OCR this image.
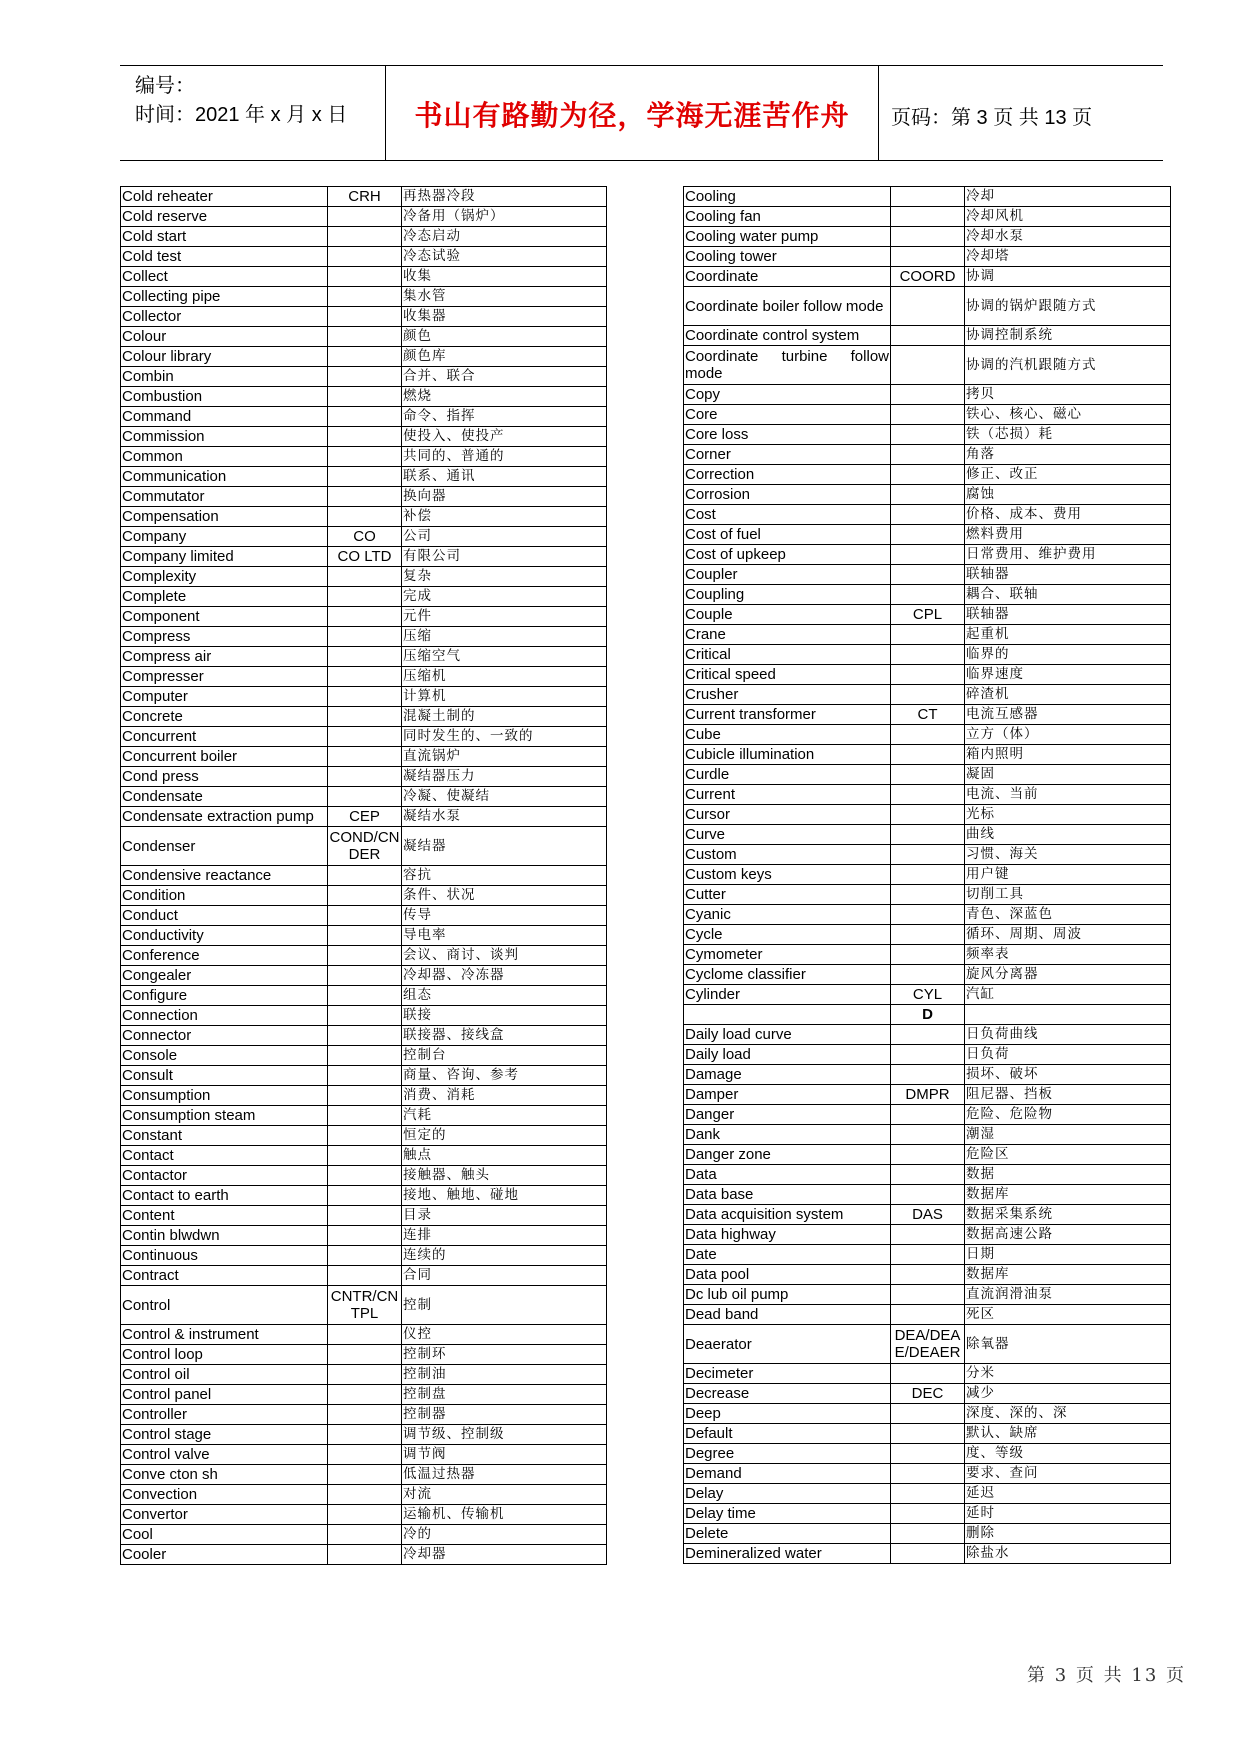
编号：
时间：2021 年 x 月 x 日	书山有路勤为径，学海无涯苦作舟	页码：第 3 页 共 13 页
Cold reheater	CRH	再热器冷段
Cold reserve		冷备用（锅炉）
Cold start		冷态启动
Cold test		冷态试验
Collect		收集
Collecting pipe		集水管
Collector		收集器
Colour		颜色
Colour library		颜色库
Combin		合并、联合
Combustion		燃烧
Command		命令、指挥
Commission		使投入、使投产
Common		共同的、普通的
Communication		联系、通讯
Commutator		换向器
Compensation		补偿
Company	CO	公司
Company limited	CO LTD	有限公司
Complexity		复杂
Complete		完成
Component		元件
Compress		压缩
Compress air		压缩空气
Compresser		压缩机
Computer		计算机
Concrete		混凝土制的
Concurrent		同时发生的、一致的
Concurrent boiler		直流锅炉
Cond press		凝结器压力
Condensate		冷凝、使凝结
Condensate extraction pump	CEP	凝结水泵
Condenser	COND/CNDER	凝结器
Condensive reactance		容抗
Condition		条件、状况
Conduct		传导
Conductivity		导电率
Conference		会议、商讨、谈判
Congealer		冷却器、冷冻器
Configure		组态
Connection		联接
Connector		联接器、接线盒
Console		控制台
Consult		商量、咨询、参考
Consumption		消费、消耗
Consumption steam		汽耗
Constant		恒定的
Contact		触点
Contactor		接触器、触头
Contact to earth		接地、触地、碰地
Content		目录
Contin blwdwn		连排
Continuous		连续的
Contract		合同
Control	CNTR/CNTPL	控制
Control & instrument		仪控
Control loop		控制环
Control oil		控制油
Control panel		控制盘
Controller		控制器
Control stage		调节级、控制级
Control valve		调节阀
Conve cton sh		低温过热器
Convection		对流
Convertor		运输机、传输机
Cool		冷的
Cooler		冷却器
Cooling		冷却
Cooling fan		冷却风机
Cooling water pump		冷却水泵
Cooling tower		冷却塔
Coordinate	COORD	协调
Coordinate boiler follow mode		协调的锅炉跟随方式
Coordinate control system		协调控制系统
Coordinate turbine follow mode		协调的汽机跟随方式
Copy		拷贝
Core		铁心、核心、磁心
Core loss		铁（芯损）耗
Corner		角落
Correction		修正、改正
Corrosion		腐蚀
Cost		价格、成本、费用
Cost of fuel		燃料费用
Cost of upkeep		日常费用、维护费用
Coupler		联轴器
Coupling		耦合、联轴
Couple	CPL	联轴器
Crane		起重机
Critical		临界的
Critical speed		临界速度
Crusher		碎渣机
Current transformer	CT	电流互感器
Cube		立方（体）
Cubicle illumination		箱内照明
Curdle		凝固
Current		电流、当前
Cursor		光标
Curve		曲线
Custom		习惯、海关
Custom keys		用户键
Cutter		切削工具
Cyanic		青色、深蓝色
Cycle		循环、周期、周波
Cymometer		频率表
Cyclome classifier		旋风分离器
Cylinder	CYL	汽缸
	D	
Daily load curve		日负荷曲线
Daily load		日负荷
Damage		损坏、破坏
Damper	DMPR	阻尼器、挡板
Danger		危险、危险物
Dank		潮湿
Danger zone		危险区
Data		数据
Data base		数据库
Data acquisition system	DAS	数据采集系统
Data highway		数据高速公路
Date		日期
Data pool		数据库
Dc lub oil pump		直流润滑油泵
Dead band		死区
Deaerator	DEA/DEAE/DEAER	除氧器
Decimeter		分米
Decrease	DEC	减少
Deep		深度、深的、深
Default		默认、缺席
Degree		度、等级
Demand		要求、查问
Delay		延迟
Delay time		延时
Delete		删除
Demineralized water		除盐水
第 3 页 共 13 页
